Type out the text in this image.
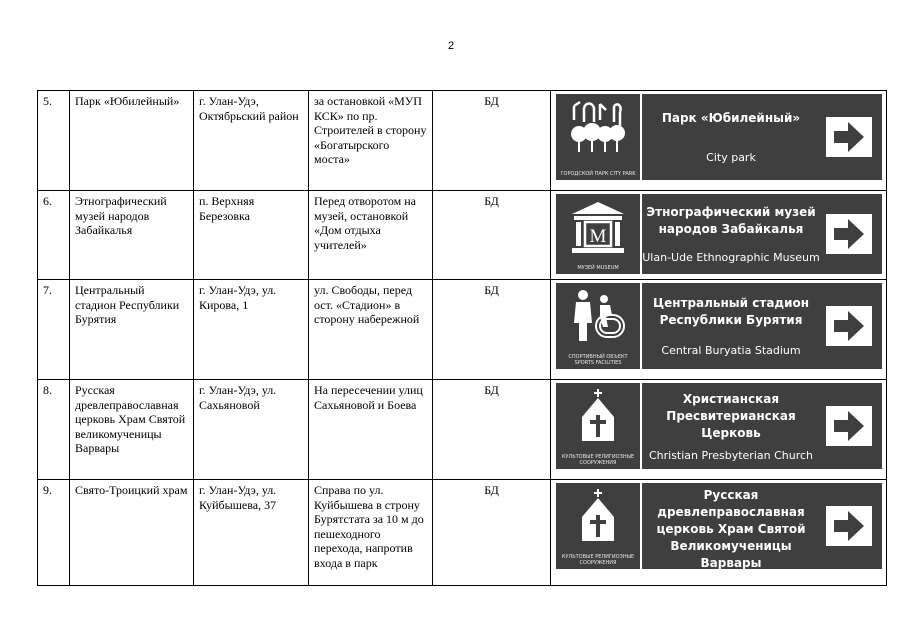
2
5.	Парк «Юбилейный»	г. Улан-Удэ, Октябрьский район	за остановкой «МУП КСК» по пр. Строителей в сторону «Богатырского моста»	БД	ГОРОДСКОЙ ПАРК CITY PARK
Парк «Юбилейный»
City park

6.	Этнографический музей народов Забайкалья	п. Верхняя Березовка	Перед отворотом на музей, остановкой «Дом отдыха учителей»	БД	M
МУЗЕЙ MUSEUM
Этнографический музей народов Забайкалья
Ulan-Ude Ethnographic Museum

7.	Центральный стадион Республики Бурятия	г. Улан-Удэ, ул. Кирова, 1	ул. Свободы, перед ост. «Стадион» в сторону набережной	БД	СПОРТИВНЫЙ ОБЪЕКТ SPORTS FACILITIES
Центральный стадион Республики Бурятия
Central Buryatia Stadium

8.	Русская древлеправославная церковь Храм Святой великомученицы Варвары	г. Улан-Удэ, ул. Сахьяновой	На пересечении улиц Сахьяновой и Боева	БД	КУЛЬТОВЫЕ РЕЛИГИОЗНЫЕ СООРУЖЕНИЯ
Христианская Пресвитерианская Церковь
Christian Presbyterian Church

9.	Свято-Троицкий храм	г. Улан-Удэ, ул. Куйбышева, 37	Справа по ул. Куйбышева в строну Бурятстата за 10 м до пешеходного перехода, напротив входа в парк	БД	КУЛЬТОВЫЕ РЕЛИГИОЗНЫЕ СООРУЖЕНИЯ
Русская древлеправославная церковь Храм Святой Великомученицы Варвары
Church
